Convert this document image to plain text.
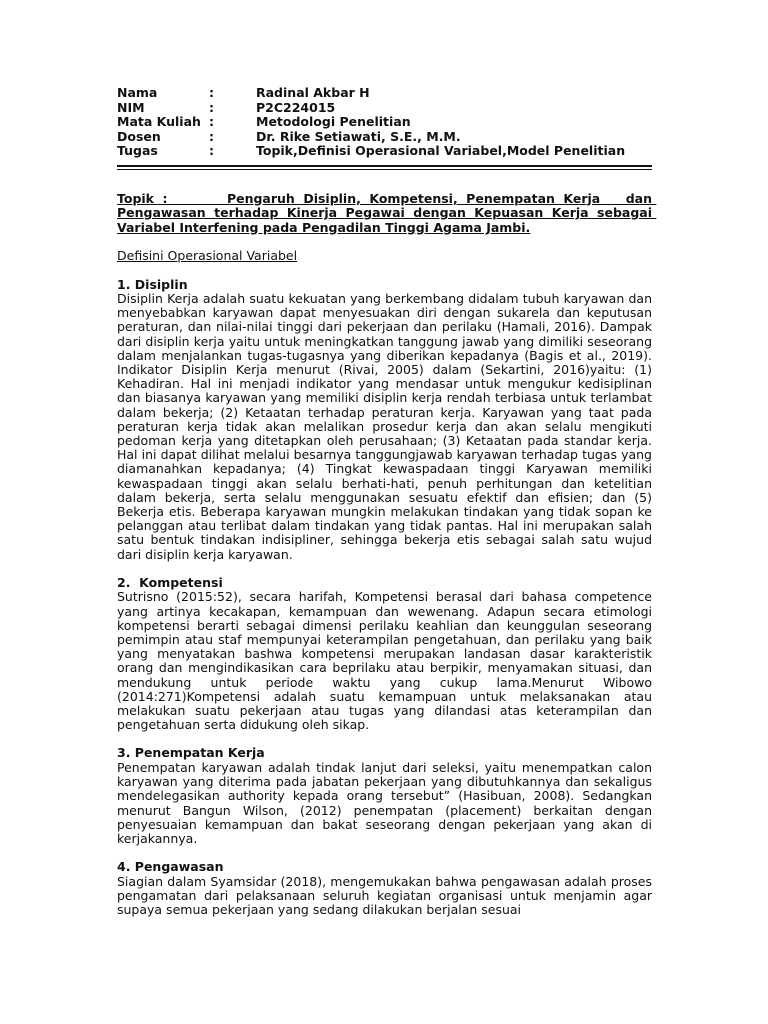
Nama	:	Radinal Akbar H
NIM	:	P2C224015
Mata Kuliah	:	Metodologi Penelitian
Dosen	:	Dr. Rike Setiawati, S.E., M.M.
Tugas	:	Topik,Definisi Operasional Variabel,Model Penelitian
Topik :       Pengaruh Disiplin, Kompetensi, Penempatan Kerja   dan Pengawasan terhadap Kinerja Pegawai dengan Kepuasan Kerja sebagai Variabel Interfening pada Pengadilan Tinggi Agama Jambi.
Defisini Operasional Variabel
1. Disiplin

Disiplin Kerja adalah suatu kekuatan yang berkembang didalam tubuh karyawan dan menyebabkan karyawan dapat menyesuakan diri dengan sukarela dan keputusan peraturan, dan nilai-nilai tinggi dari pekerjaan dan perilaku (Hamali, 2016). Dampak dari disiplin kerja yaitu untuk meningkatkan tanggung jawab yang dimiliki seseorang dalam menjalankan tugas-tugasnya yang diberikan kepadanya (Bagis et al., 2019). Indikator Disiplin Kerja menurut (Rivai, 2005) dalam (Sekartini, 2016)yaitu: (1) Kehadiran. Hal ini menjadi indikator yang mendasar untuk mengukur kedisiplinan dan biasanya karyawan yang memiliki disiplin kerja rendah terbiasa untuk terlambat dalam bekerja; (2) Ketaatan terhadap peraturan kerja. Karyawan yang taat pada peraturan kerja tidak akan melalikan prosedur kerja dan akan selalu mengikuti pedoman kerja yang ditetapkan oleh perusahaan; (3) Ketaatan pada standar kerja. Hal ini dapat dilihat melalui besarnya tanggungjawab karyawan terhadap tugas yang diamanahkan kepadanya; (4) Tingkat kewaspadaan tinggi Karyawan memiliki kewaspadaan tinggi akan selalu berhati-hati, penuh perhitungan dan ketelitian dalam bekerja, serta selalu menggunakan sesuatu efektif dan efisien; dan (5) Bekerja etis. Beberapa karyawan mungkin melakukan tindakan yang tidak sopan ke pelanggan atau terlibat dalam tindakan yang tidak pantas. Hal ini merupakan salah satu bentuk tindakan indisipliner, sehingga bekerja etis sebagai salah satu wujud dari disiplin kerja karyawan.

2.  Kompetensi

Sutrisno (2015:52), secara harifah, Kompetensi berasal dari bahasa competence yang artinya kecakapan, kemampuan dan wewenang. Adapun secara etimologi kompetensi berarti sebagai dimensi perilaku keahlian dan keunggulan seseorang pemimpin atau staf mempunyai keterampilan pengetahuan, dan perilaku yang baik yang menyatakan bashwa kompetensi merupakan landasan dasar karakteristik orang dan mengindikasikan cara beprilaku atau berpikir, menyamakan situasi, dan mendukung untuk periode waktu yang cukup lama.Menurut Wibowo (2014:271)Kompetensi adalah suatu kemampuan untuk melaksanakan atau melakukan suatu pekerjaan atau tugas yang dilandasi atas keterampilan dan pengetahuan serta didukung oleh sikap.

3. Penempatan Kerja

Penempatan karyawan adalah tindak lanjut dari seleksi, yaitu menempatkan calon karyawan yang diterima pada jabatan pekerjaan yang dibutuhkannya dan sekaligus mendelegasikan authority kepada orang tersebut” (Hasibuan, 2008). Sedangkan menurut Bangun Wilson, (2012) penempatan (placement) berkaitan dengan penyesuaian kemampuan dan bakat seseorang dengan pekerjaan yang akan di kerjakannya.

4. Pengawasan

Siagian dalam Syamsidar (2018), mengemukakan bahwa pengawasan adalah proses pengamatan dari pelaksanaan seluruh kegiatan organisasi untuk menjamin agar supaya semua pekerjaan yang sedang dilakukan berjalan sesuai
